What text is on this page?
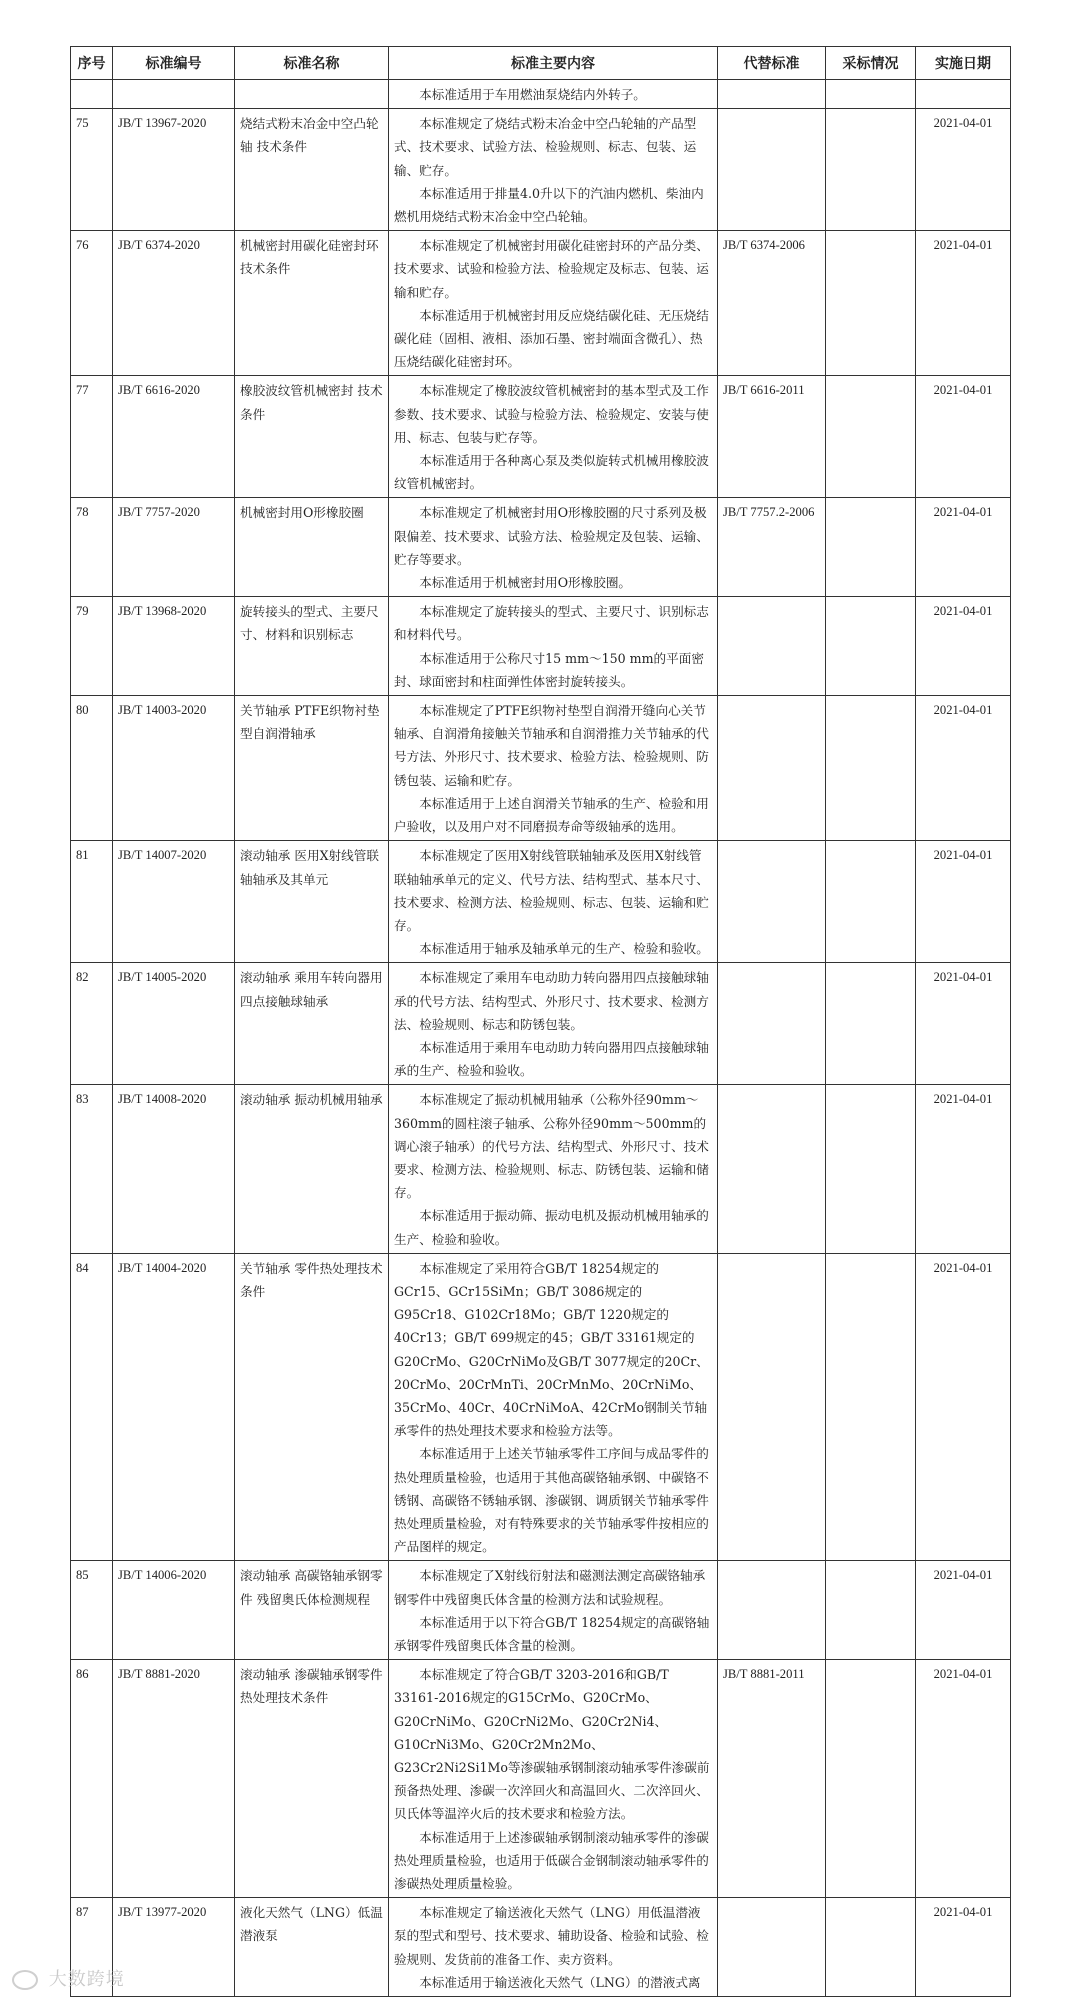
序号	标准编号	标准名称	标准主要内容	代替标准	采标情况	实施日期

			本标准适用于车用燃油泵烧结内外转子。			

75	JB/T 13967-2020	烧结式粉末冶金中空凸轮轴 技术条件	本标准规定了烧结式粉末冶金中空凸轮轴的产品型式、技术要求、试验方法、检验规则、标志、包装、运输、贮存。
本标准适用于排量4.0升以下的汽油内燃机、柴油内燃机用烧结式粉末冶金中空凸轮轴。			2021-04-01
76	JB/T 6374-2020	机械密封用碳化硅密封环 技术条件	本标准规定了机械密封用碳化硅密封环的产品分类、技术要求、试验和检验方法、检验规定及标志、包装、运输和贮存。
本标准适用于机械密封用反应烧结碳化硅、无压烧结碳化硅（固相、液相、添加石墨、密封端面含微孔）、热压烧结碳化硅密封环。	JB/T 6374-2006		2021-04-01
77	JB/T 6616-2020	橡胶波纹管机械密封 技术条件	本标准规定了橡胶波纹管机械密封的基本型式及工作参数、技术要求、试验与检验方法、检验规定、安装与使用、标志、包装与贮存等。
本标准适用于各种离心泵及类似旋转式机械用橡胶波纹管机械密封。	JB/T 6616-2011		2021-04-01
78	JB/T 7757-2020	机械密封用O形橡胶圈	本标准规定了机械密封用O形橡胶圈的尺寸系列及极限偏差、技术要求、试验方法、检验规定及包装、运输、贮存等要求。
本标准适用于机械密封用O形橡胶圈。	JB/T 7757.2-2006		2021-04-01
79	JB/T 13968-2020	旋转接头的型式、主要尺寸、材料和识别标志	本标准规定了旋转接头的型式、主要尺寸、识别标志和材料代号。
本标准适用于公称尺寸15 mm～150 mm的平面密封、球面密封和柱面弹性体密封旋转接头。			2021-04-01
80	JB/T 14003-2020	关节轴承 PTFE织物衬垫型自润滑轴承	本标准规定了PTFE织物衬垫型自润滑开缝向心关节轴承、自润滑角接触关节轴承和自润滑推力关节轴承的代号方法、外形尺寸、技术要求、检验方法、检验规则、防锈包装、运输和贮存。
本标准适用于上述自润滑关节轴承的生产、检验和用户验收，以及用户对不同磨损寿命等级轴承的选用。			2021-04-01
81	JB/T 14007-2020	滚动轴承 医用X射线管联轴轴承及其单元	本标准规定了医用X射线管联轴轴承及医用X射线管联轴轴承单元的定义、代号方法、结构型式、基本尺寸、技术要求、检测方法、检验规则、标志、包装、运输和贮存。
本标准适用于轴承及轴承单元的生产、检验和验收。			2021-04-01
82	JB/T 14005-2020	滚动轴承 乘用车转向器用四点接触球轴承	本标准规定了乘用车电动助力转向器用四点接触球轴承的代号方法、结构型式、外形尺寸、技术要求、检测方法、检验规则、标志和防锈包装。
本标准适用于乘用车电动助力转向器用四点接触球轴承的生产、检验和验收。			2021-04-01
83	JB/T 14008-2020	滚动轴承 振动机械用轴承	本标准规定了振动机械用轴承（公称外径90mm～360mm的圆柱滚子轴承、公称外径90mm～500mm的调心滚子轴承）的代号方法、结构型式、外形尺寸、技术要求、检测方法、检验规则、标志、防锈包装、运输和储存。
本标准适用于振动筛、振动电机及振动机械用轴承的生产、检验和验收。			2021-04-01
84	JB/T 14004-2020	关节轴承 零件热处理技术条件	本标准规定了采用符合GB/T 18254规定的GCr15、GCr15SiMn；GB/T 3086规定的G95Cr18、G102Cr18Mo；GB/T 1220规定的40Cr13；GB/T 699规定的45；GB/T 33161规定的G20CrMo、G20CrNiMo及GB/T 3077规定的20Cr、20CrMo、20CrMnTi、20CrMnMo、20CrNiMo、35CrMo、40Cr、40CrNiMoA、42CrMo钢制关节轴承零件的热处理技术要求和检验方法等。
本标准适用于上述关节轴承零件工序间与成品零件的热处理质量检验，也适用于其他高碳铬轴承钢、中碳铬不锈钢、高碳铬不锈轴承钢、渗碳钢、调质钢关节轴承零件热处理质量检验，对有特殊要求的关节轴承零件按相应的产品图样的规定。			2021-04-01
85	JB/T 14006-2020	滚动轴承 高碳铬轴承钢零件 残留奥氏体检测规程	本标准规定了X射线衍射法和磁测法测定高碳铬轴承钢零件中残留奥氏体含量的检测方法和试验规程。
本标准适用于以下符合GB/T 18254规定的高碳铬轴承钢零件残留奥氏体含量的检测。			2021-04-01
86	JB/T 8881-2020	滚动轴承 渗碳轴承钢零件 热处理技术条件	本标准规定了符合GB/T 3203-2016和GB/T 33161-2016规定的G15CrMo、G20CrMo、G20CrNiMo、G20CrNi2Mo、G20Cr2Ni4、G10CrNi3Mo、G20Cr2Mn2Mo、G23Cr2Ni2Si1Mo等渗碳轴承钢制滚动轴承零件渗碳前预备热处理、渗碳一次淬回火和高温回火、二次淬回火、贝氏体等温淬火后的技术要求和检验方法。
本标准适用于上述渗碳轴承钢制滚动轴承零件的渗碳热处理质量检验，也适用于低碳合金钢制滚动轴承零件的渗碳热处理质量检验。	JB/T 8881-2011		2021-04-01
87	JB/T 13977-2020	液化天然气（LNG）低温潜液泵	本标准规定了输送液化天然气（LNG）用低温潜液泵的型式和型号、技术要求、辅助设备、检验和试验、检验规则、发货前的准备工作、卖方资料。
本标准适用于输送液化天然气（LNG）的潜液式离			2021-04-01
大数跨境
